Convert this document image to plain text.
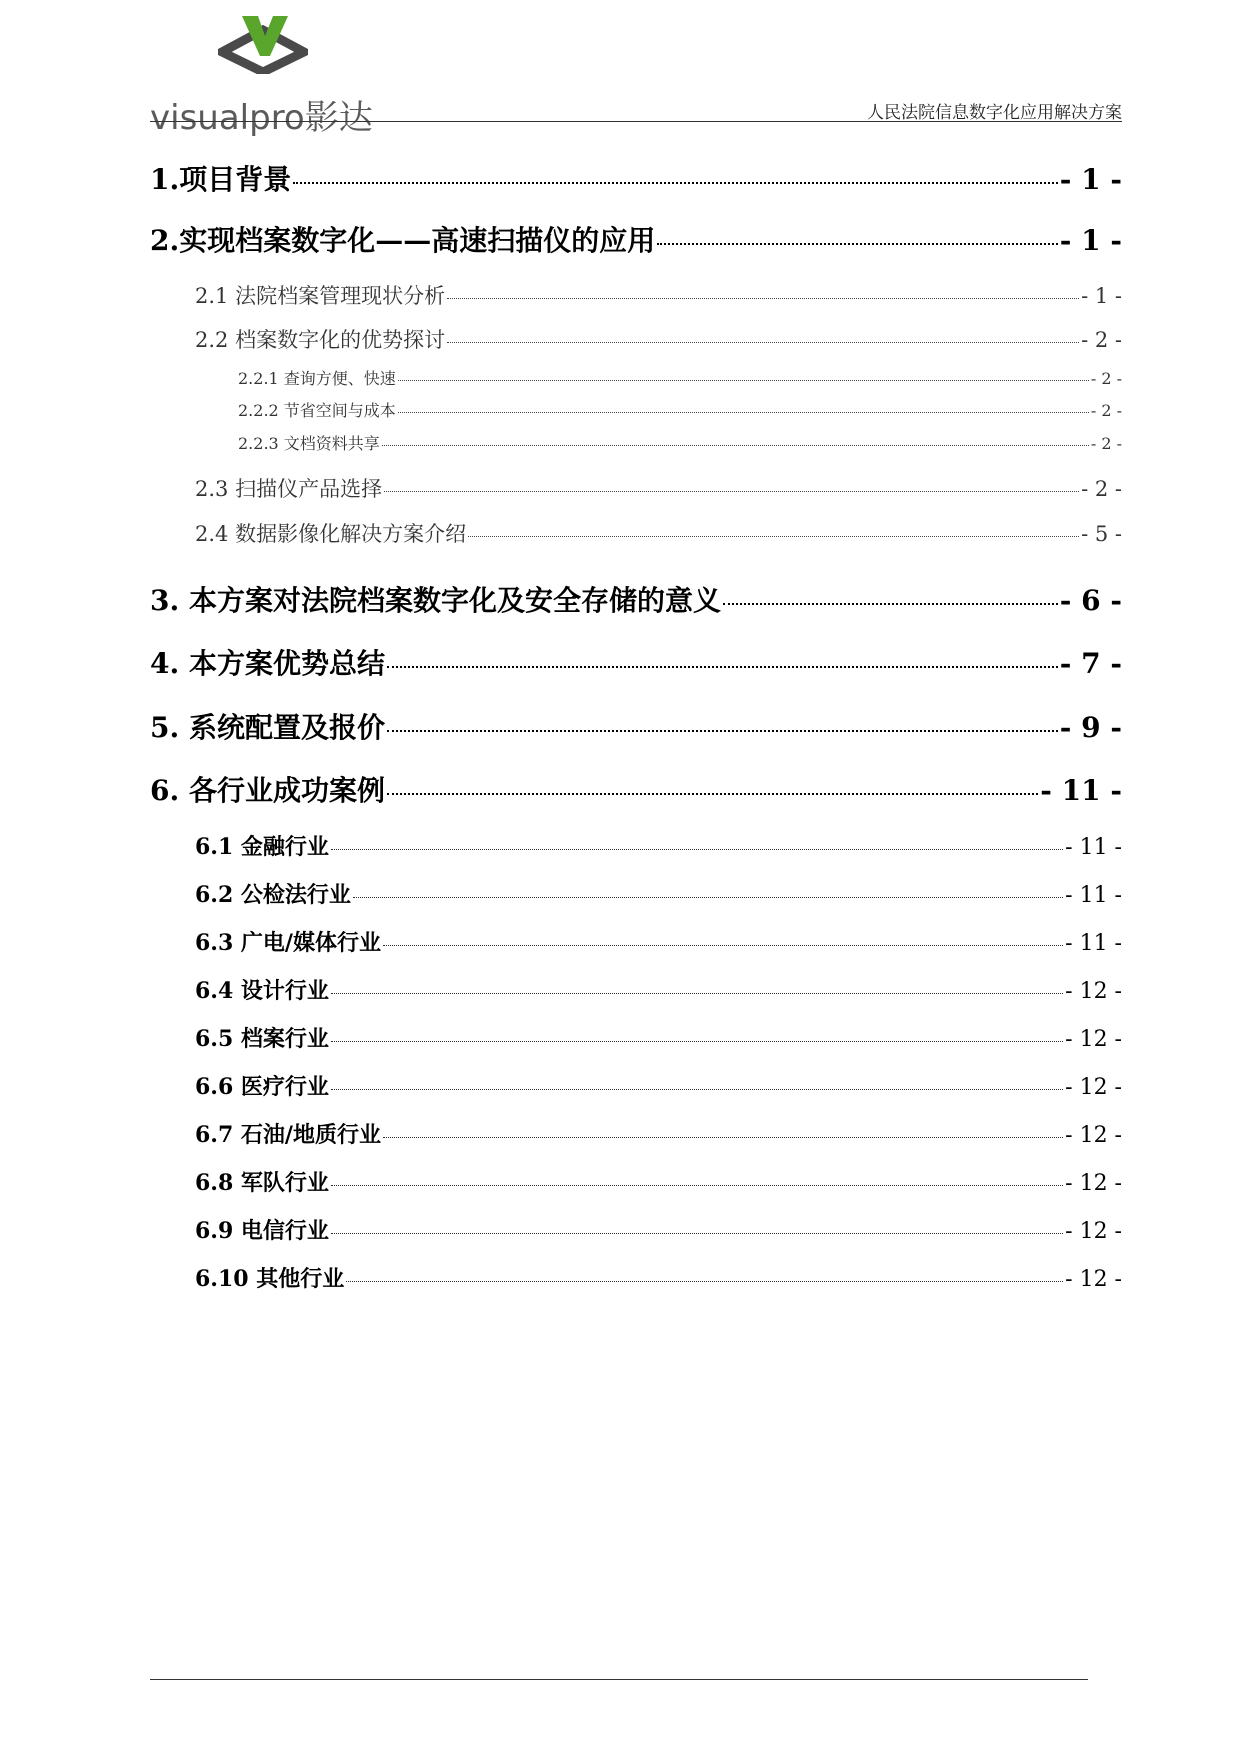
visualpro影达	人民法院信息数字化应用解决方案
1.项目背景	- 1 -
2.实现档案数字化——高速扫描仪的应用	- 1 -
2.1 法院档案管理现状分析	- 1 -
2.2 档案数字化的优势探讨	- 2 -
2.2.1 查询方便、快速	- 2 -
2.2.2 节省空间与成本	- 2 -
2.2.3 文档资料共享	- 2 -
2.3 扫描仪产品选择	- 2 -
2.4 数据影像化解决方案介绍	- 5 -
3. 本方案对法院档案数字化及安全存储的意义	- 6 -
4. 本方案优势总结	- 7 -
5. 系统配置及报价	- 9 -
6. 各行业成功案例	- 11 -
6.1 金融行业	- 11 -
6.2 公检法行业	- 11 -
6.3 广电/媒体行业	- 11 -
6.4 设计行业	- 12 -
6.5 档案行业	- 12 -
6.6 医疗行业	- 12 -
6.7 石油/地质行业	- 12 -
6.8 军队行业	- 12 -
6.9 电信行业	- 12 -
6.10 其他行业	- 12 -
